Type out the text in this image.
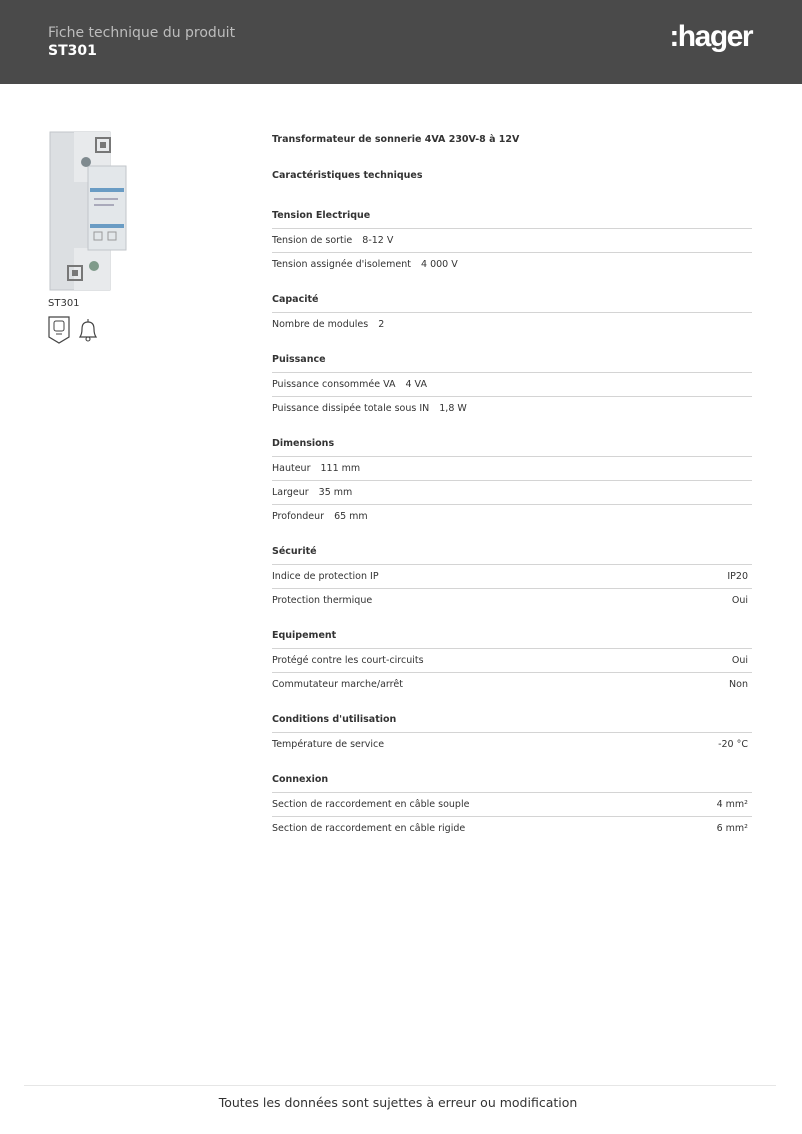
Fiche technique du produit
ST301	:hager
ST301
Transformateur de sonnerie 4VA 230V-8 à 12V
Caractéristiques techniques
Tension Electrique
Tension de sortie 8-12 V
Tension assignée d'isolement 4 000 V
Capacité
Nombre de modules 2
Puissance
Puissance consommée VA 4 VA
Puissance dissipée totale sous IN 1,8 W
Dimensions
Hauteur 111 mm
Largeur 35 mm
Profondeur 65 mm
Sécurité
Indice de protection IP	IP20
Protection thermique	Oui
Equipement
Protégé contre les court-circuits	Oui
Commutateur marche/arrêt	Non
Conditions d'utilisation
Température de service	-20 °C
Connexion
Section de raccordement en câble souple	4 mm²
Section de raccordement en câble rigide	6 mm²
Toutes les données sont sujettes à erreur ou modification
